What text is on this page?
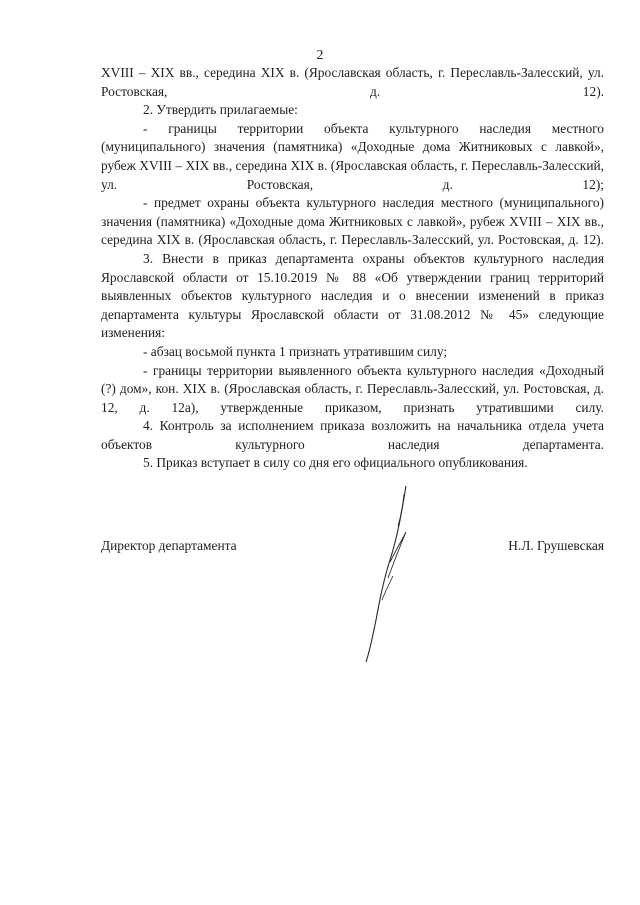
2

XVIII – XIX вв., середина XIX в. (Ярославская область, г. Переславль-Залесский, ул. Ростовская, д. 12).

2. Утвердить прилагаемые:

- границы территории объекта культурного наследия местного (муниципального) значения (памятника) «Доходные дома Житниковых с лавкой», рубеж XVIII – XIX вв., середина XIX в. (Ярославская область, г. Переславль-Залесский, ул. Ростовская, д. 12);

- предмет охраны объекта культурного наследия местного (муниципального) значения (памятника) «Доходные дома Житниковых с лавкой», рубеж XVIII – XIX вв., середина XIX в. (Ярославская область, г. Переславль-Залесский, ул. Ростовская, д. 12).

3. Внести в приказ департамента охраны объектов культурного наследия Ярославской области от 15.10.2019 № 88 «Об утверждении границ территорий выявленных объектов культурного наследия и о внесении изменений в приказ департамента культуры Ярославской области от 31.08.2012 № 45» следующие изменения:

- абзац восьмой пункта 1 признать утратившим силу;

- границы территории выявленного объекта культурного наследия «Доходный (?) дом», кон. XIX в. (Ярославская область, г. Переславль-Залесский, ул. Ростовская, д. 12, д. 12а), утвержденные приказом, признать утратившими силу.

4. Контроль за исполнением приказа возложить на начальника отдела учета объектов культурного наследия департамента.

5. Приказ вступает в силу со дня его официального опубликования.

Директор департамента	Н.Л. Грушевская
